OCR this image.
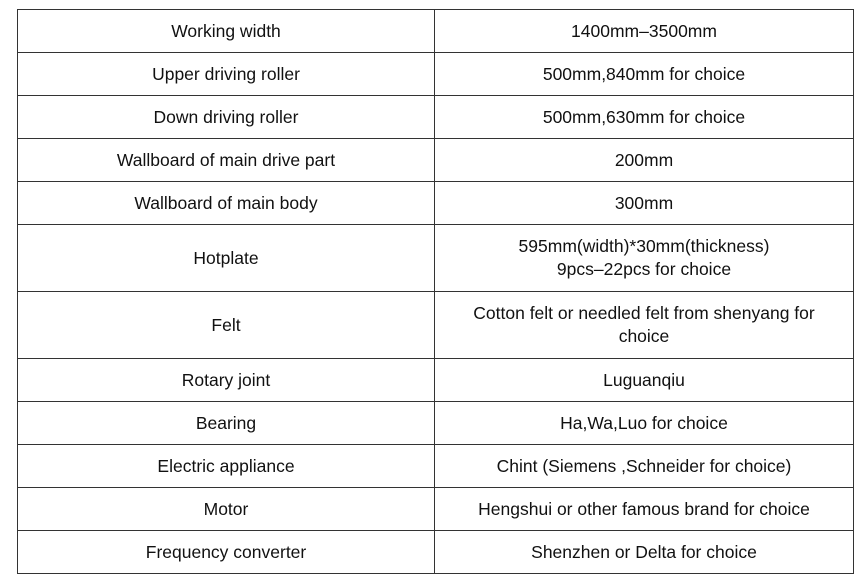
Working width	1400mm–3500mm

Upper driving roller	500mm,840mm for choice

Down driving roller	500mm,630mm for choice

Wallboard of main drive part	200mm

Wallboard of main body	300mm

Hotplate	595mm(width)*30mm(thickness)
9pcs–22pcs for choice

Felt	Cotton felt or needled felt from shenyang for
choice

Rotary joint	Luguanqiu

Bearing	Ha,Wa,Luo for choice

Electric appliance	Chint (Siemens ,Schneider for choice)

Motor	Hengshui or other famous brand for choice

Frequency converter	Shenzhen or Delta for choice
